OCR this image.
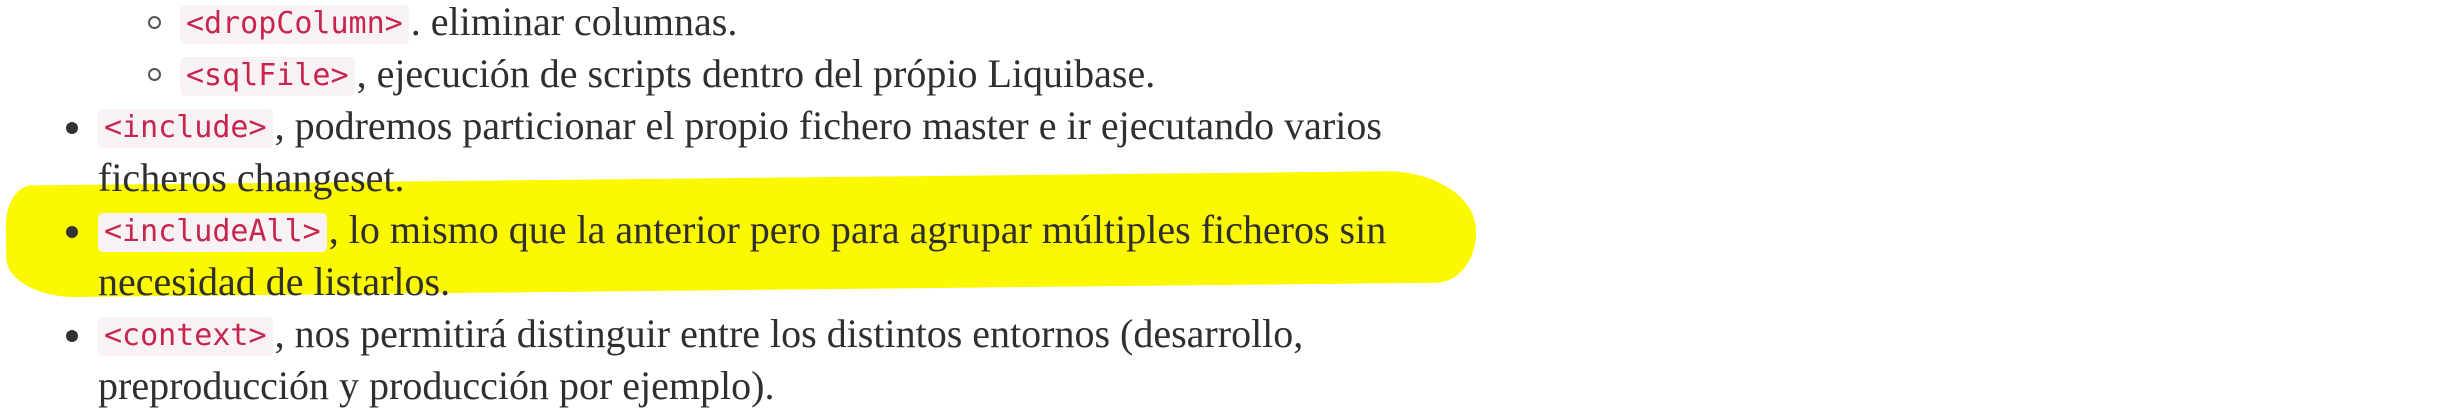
<dropColumn> . eliminar columnas.
<sqlFile> , ejecución de scripts dentro del própio Liquibase.
<include> , podremos particionar el propio fichero master e ir ejecutando varios
ficheros changeset.
<includeAll> , lo mismo que la anterior pero para agrupar múltiples ficheros sin
necesidad de listarlos.
<context> , nos permitirá distinguir entre los distintos entornos (desarrollo,
preproducción y producción por ejemplo).
